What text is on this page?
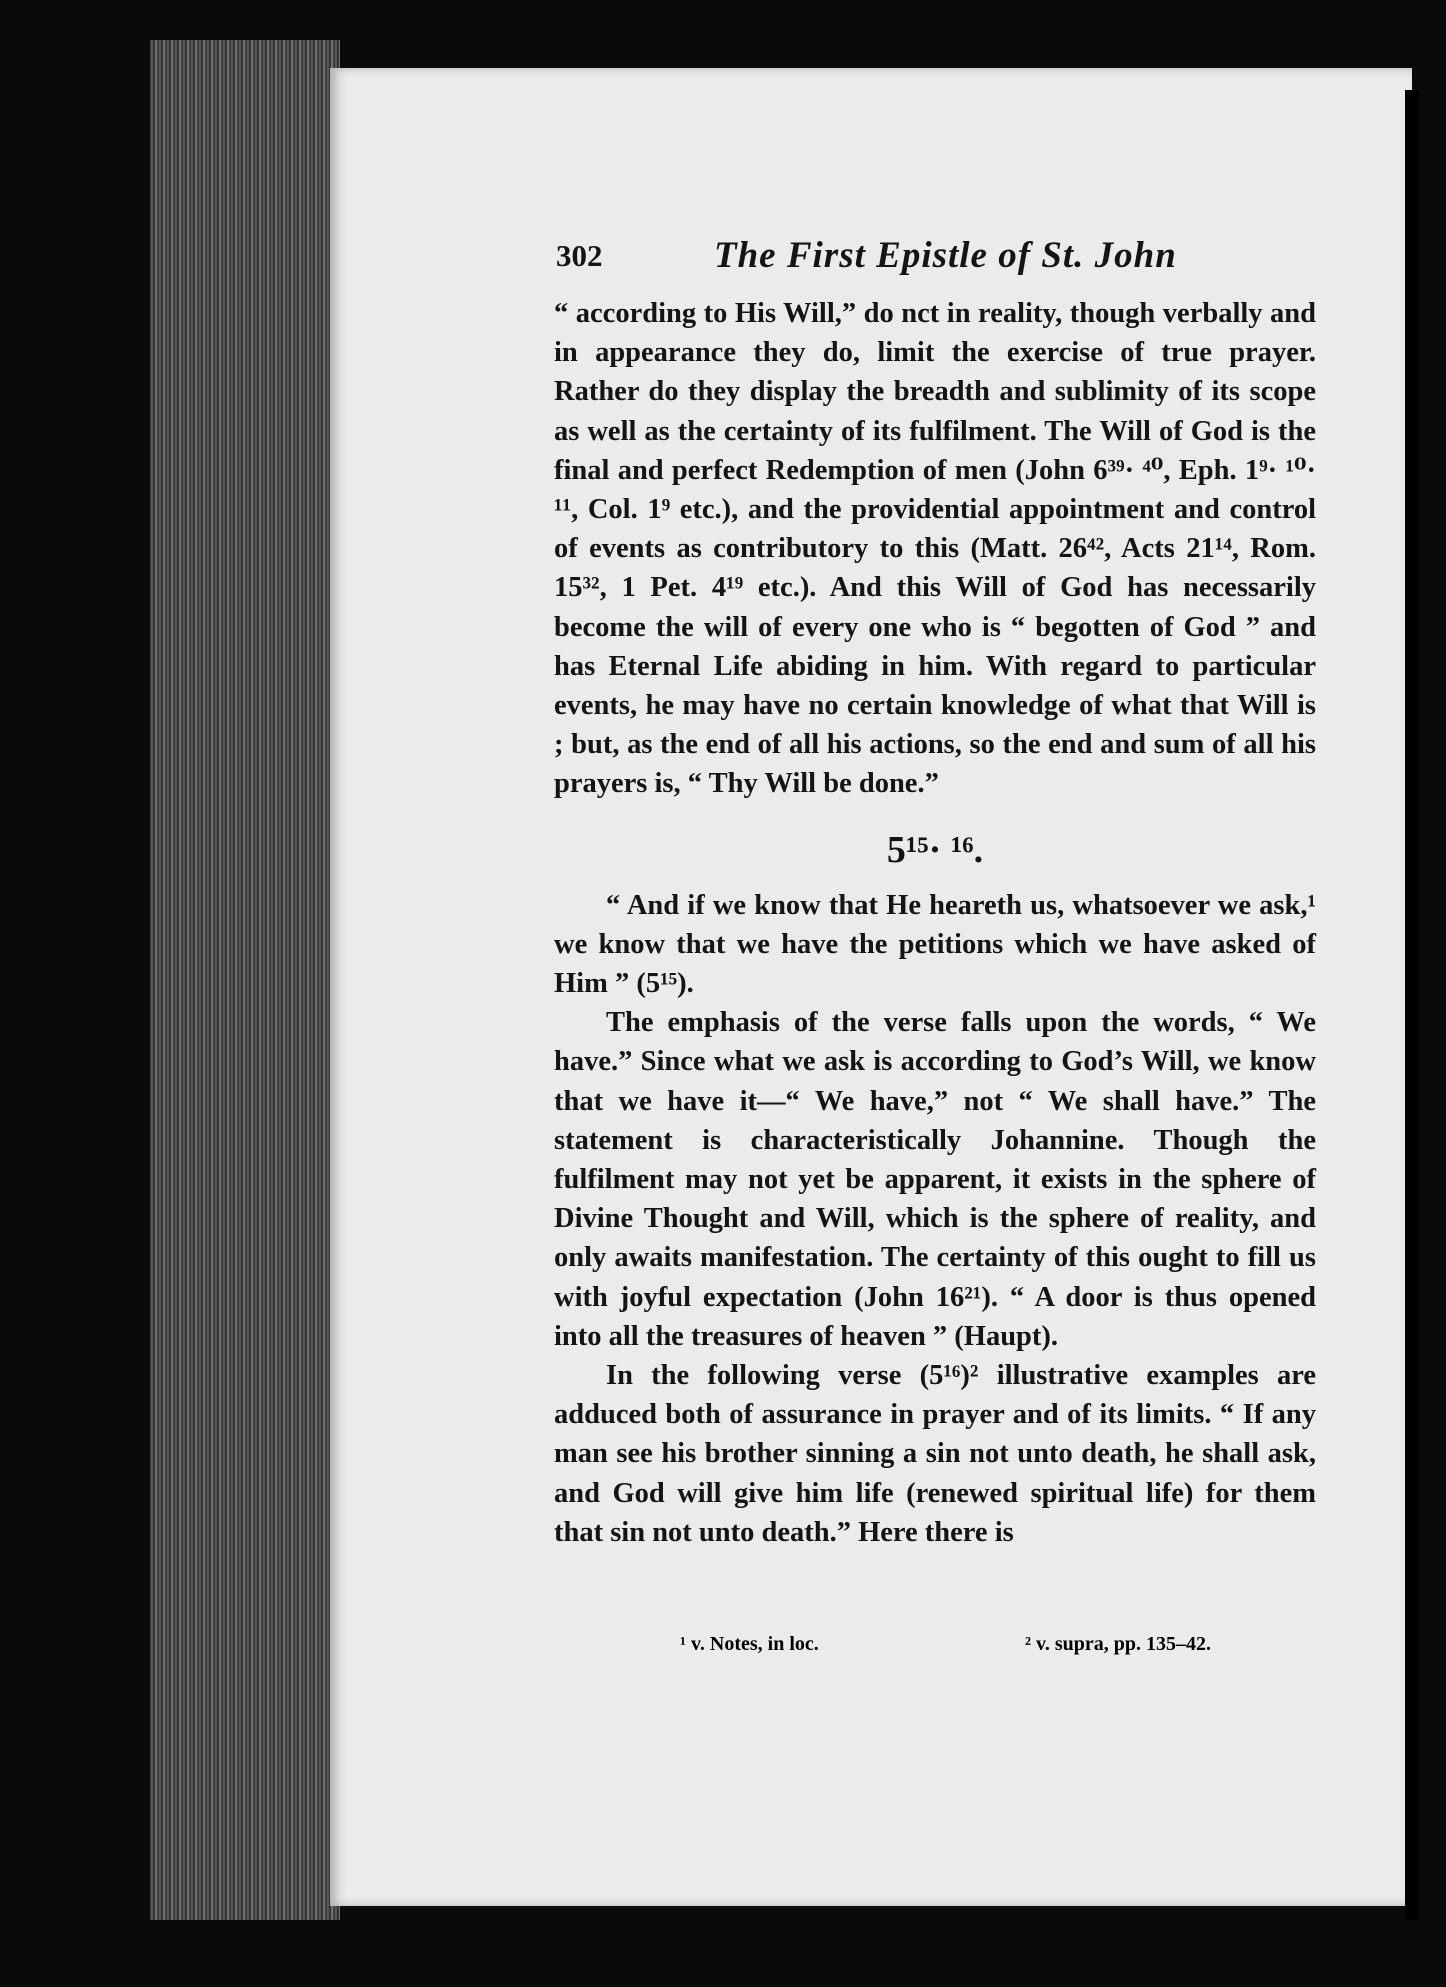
302	The First Epistle of St. John

“ according to His Will,” do nct in reality, though verbally and in appearance they do, limit the exercise of true prayer. Rather do they display the breadth and sublimity of its scope as well as the certainty of its fulfilment. The Will of God is the final and perfect Redemption of men (John 6³⁹· ⁴⁰, Eph. 1⁹· ¹⁰· ¹¹, Col. 1⁹ etc.), and the providential appointment and control of events as contributory to this (Matt. 26⁴², Acts 21¹⁴, Rom. 15³², 1 Pet. 4¹⁹ etc.). And this Will of God has necessarily become the will of every one who is “ begotten of God ” and has Eternal Life abiding in him. With regard to particular events, he may have no certain knowledge of what that Will is ; but, as the end of all his actions, so the end and sum of all his prayers is, “ Thy Will be done.”

5¹⁵· ¹⁶.

“ And if we know that He heareth us, whatsoever we ask,¹ we know that we have the petitions which we have asked of Him ” (5¹⁵).

The emphasis of the verse falls upon the words, “ We have.” Since what we ask is according to God’s Will, we know that we have it—“ We have,” not “ We shall have.” The statement is characteristically Johannine. Though the fulfilment may not yet be apparent, it exists in the sphere of Divine Thought and Will, which is the sphere of reality, and only awaits manifestation. The certainty of this ought to fill us with joyful expectation (John 16²¹). “ A door is thus opened into all the treasures of heaven ” (Haupt).

In the following verse (5¹⁶)² illustrative examples are adduced both of assurance in prayer and of its limits. “ If any man see his brother sinning a sin not unto death, he shall ask, and God will give him life (renewed spiritual life) for them that sin not unto death.” Here there is

¹ v. Notes, in loc.	² v. supra, pp. 135–42.
